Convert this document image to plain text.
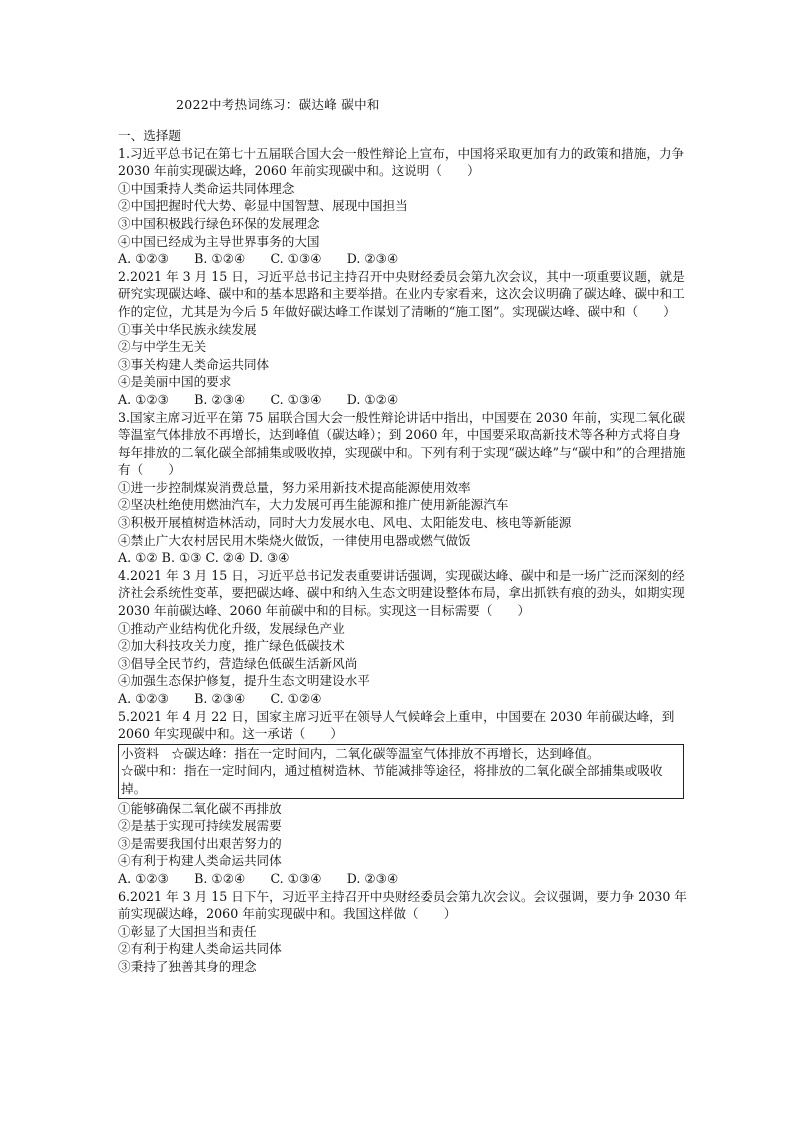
2022中考热词练习：碳达峰 碳中和
一、选择题
1.习近平总书记在第七十五届联合国大会一般性辩论上宣布，中国将采取更加有力的政策和措施，力争 2030 年前实现碳达峰，2060 年前实现碳中和。这说明（　　）
①中国秉持人类命运共同体理念
②中国把握时代大势、彰显中国智慧、展现中国担当
③中国积极践行绿色环保的发展理念
④中国已经成为主导世界事务的大国
A. ①②③　　B. ①②④　　C. ①③④　　D. ②③④
2.2021 年 3 月 15 日，习近平总书记主持召开中央财经委员会第九次会议，其中一项重要议题，就是研究实现碳达峰、碳中和的基本思路和主要举措。在业内专家看来，这次会议明确了碳达峰、碳中和工作的定位，尤其是为今后 5 年做好碳达峰工作谋划了清晰的“施工图”。实现碳达峰、碳中和（　　）
①事关中华民族永续发展
②与中学生无关
③事关构建人类命运共同体
④是美丽中国的要求
A. ①②③　　B. ②③④　　C. ①③④　　D. ①②④
3.国家主席习近平在第 75 届联合国大会一般性辩论讲话中指出，中国要在 2030 年前，实现二氧化碳等温室气体排放不再增长，达到峰值（碳达峰）；到 2060 年，中国要采取高新技术等各种方式将自身每年排放的二氧化碳全部捕集或吸收掉，实现碳中和。下列有利于实现“碳达峰”与“碳中和”的合理措施有（　　）
①进一步控制煤炭消费总量，努力采用新技术提高能源使用效率
②坚决杜绝使用燃油汽车，大力发展可再生能源和推广使用新能源汽车
③积极开展植树造林活动，同时大力发展水电、风电、太阳能发电、核电等新能源
④禁止广大农村居民用木柴烧火做饭，一律使用电器或燃气做饭
A. ①② B. ①③ C. ②④ D. ③④
4.2021 年 3 月 15 日，习近平总书记发表重要讲话强调，实现碳达峰、碳中和是一场广泛而深刻的经济社会系统性变革，要把碳达峰、碳中和纳入生态文明建设整体布局，拿出抓铁有痕的劲头，如期实现 2030 年前碳达峰、2060 年前碳中和的目标。实现这一目标需要（　　）
①推动产业结构优化升级，发展绿色产业
②加大科技攻关力度，推广绿色低碳技术
③倡导全民节约，营造绿色低碳生活新风尚
④加强生态保护修复，提升生态文明建设水平
A. ①②③　　B. ②③④　　C. ①②④
5.2021 年 4 月 22 日，国家主席习近平在领导人气候峰会上重申，中国要在 2030 年前碳达峰，到 2060 年实现碳中和。这一承诺（　　）
小资料　☆碳达峰：指在一定时间内，二氧化碳等温室气体排放不再增长，达到峰值。
☆碳中和：指在一定时间内，通过植树造林、节能减排等途径，将排放的二氧化碳全部捕集或吸收掉。
①能够确保二氧化碳不再排放
②是基于实现可持续发展需要
③是需要我国付出艰苦努力的
④有利于构建人类命运共同体
A. ①②③　　B. ①②④　　C. ①③④　　D. ②③④
6.2021 年 3 月 15 日下午，习近平主持召开中央财经委员会第九次会议。会议强调，要力争 2030 年前实现碳达峰，2060 年前实现碳中和。我国这样做（　　）
①彰显了大国担当和责任
②有利于构建人类命运共同体
③秉持了独善其身的理念
